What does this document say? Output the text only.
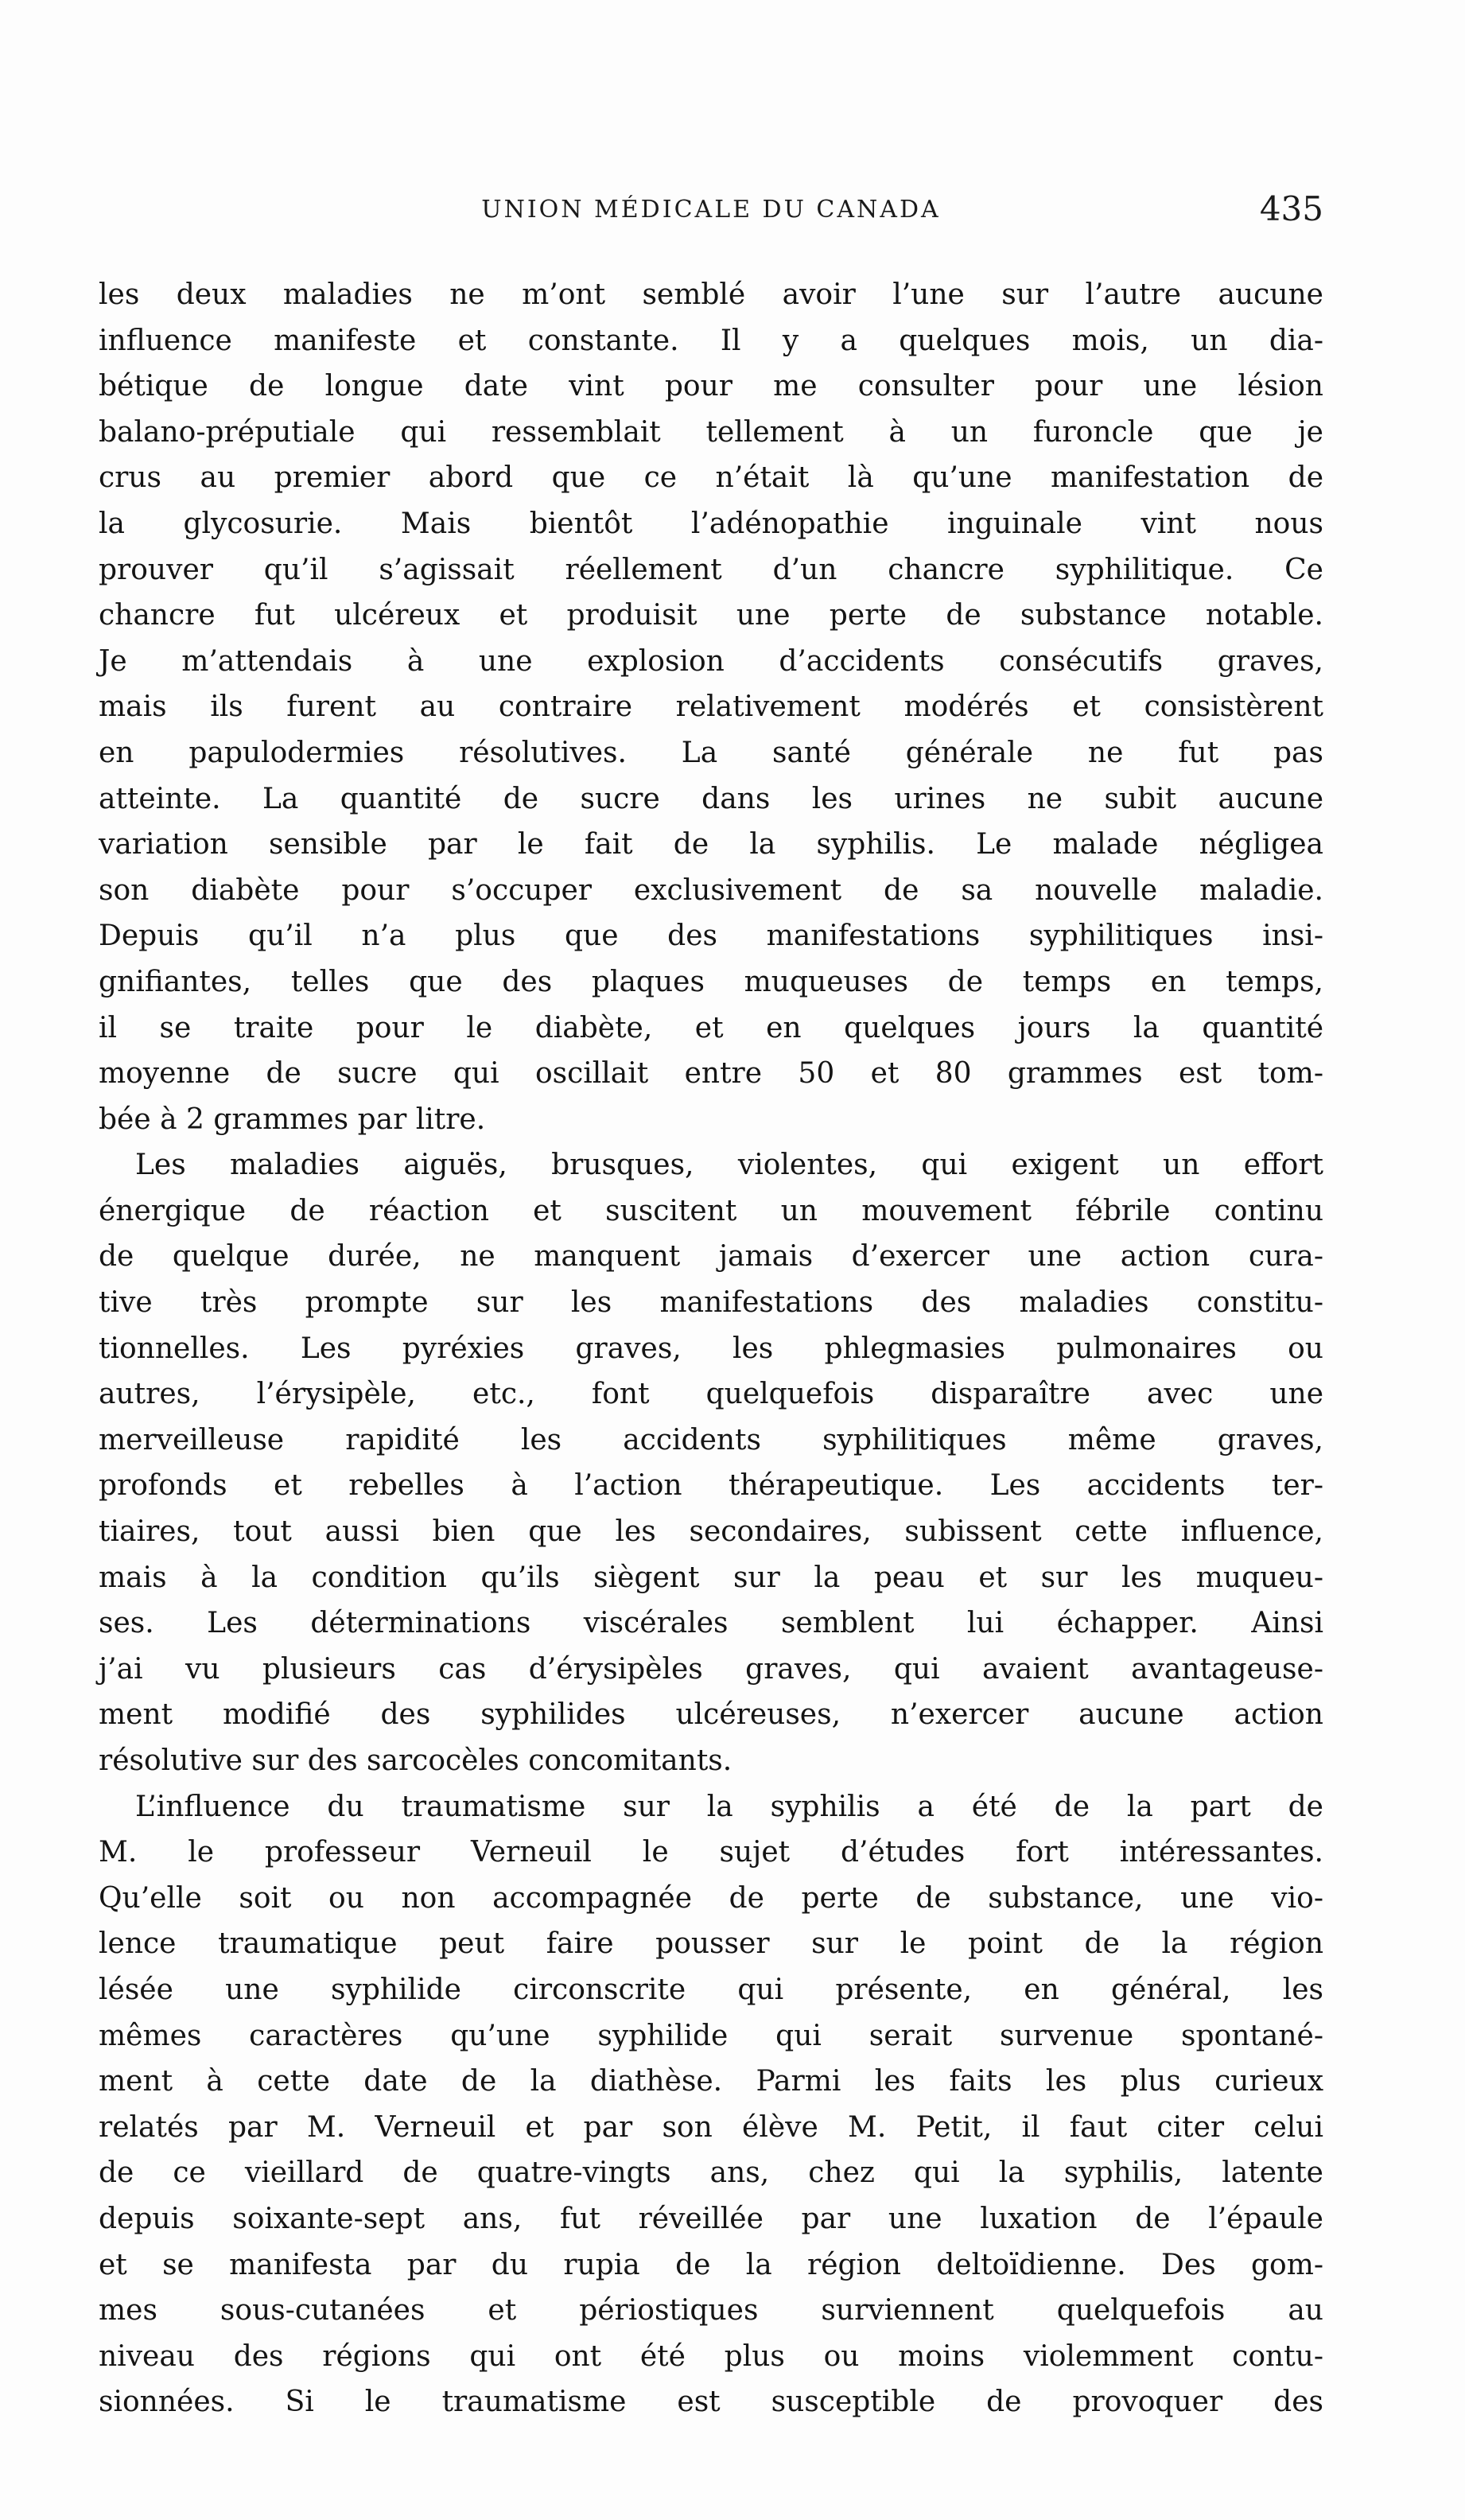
UNION MÉDICALE DU CANADA	435
les deux maladies ne m’ont semblé avoir l’une sur l’autre aucune
influence manifeste et constante. Il y a quelques mois, un dia-
bétique de longue date vint pour me consulter pour une lésion
balano-préputiale qui ressemblait tellement à un furoncle que je
crus au premier abord que ce n’était là qu’une manifestation de
la glycosurie. Mais bientôt l’adénopathie inguinale vint nous
prouver qu’il s’agissait réellement d’un chancre syphilitique. Ce
chancre fut ulcéreux et produisit une perte de substance notable.
Je m’attendais à une explosion d’accidents consécutifs graves,
mais ils furent au contraire relativement modérés et consistèrent
en papulodermies résolutives. La santé générale ne fut pas
atteinte. La quantité de sucre dans les urines ne subit aucune
variation sensible par le fait de la syphilis. Le malade négligea
son diabète pour s’occuper exclusivement de sa nouvelle maladie.
Depuis qu’il n’a plus que des manifestations syphilitiques insi-
gnifiantes, telles que des plaques muqueuses de temps en temps,
il se traite pour le diabète, et en quelques jours la quantité
moyenne de sucre qui oscillait entre 50 et 80 grammes est tom-
bée à 2 grammes par litre.
Les maladies aiguës, brusques, violentes, qui exigent un effort
énergique de réaction et suscitent un mouvement fébrile continu
de quelque durée, ne manquent jamais d’exercer une action cura-
tive très prompte sur les manifestations des maladies constitu-
tionnelles. Les pyréxies graves, les phlegmasies pulmonaires ou
autres, l’érysipèle, etc., font quelquefois disparaître avec une
merveilleuse rapidité les accidents syphilitiques même graves,
profonds et rebelles à l’action thérapeutique. Les accidents ter-
tiaires, tout aussi bien que les secondaires, subissent cette influence,
mais à la condition qu’ils siègent sur la peau et sur les muqueu-
ses. Les déterminations viscérales semblent lui échapper. Ainsi
j’ai vu plusieurs cas d’érysipèles graves, qui avaient avantageuse-
ment modifié des syphilides ulcéreuses, n’exercer aucune action
résolutive sur des sarcocèles concomitants.
L’influence du traumatisme sur la syphilis a été de la part de
M. le professeur Verneuil le sujet d’études fort intéressantes.
Qu’elle soit ou non accompagnée de perte de substance, une vio-
lence traumatique peut faire pousser sur le point de la région
lésée une syphilide circonscrite qui présente, en général, les
mêmes caractères qu’une syphilide qui serait survenue spontané-
ment à cette date de la diathèse. Parmi les faits les plus curieux
relatés par M. Verneuil et par son élève M. Petit, il faut citer celui
de ce vieillard de quatre-vingts ans, chez qui la syphilis, latente
depuis soixante-sept ans, fut réveillée par une luxation de l’épaule
et se manifesta par du rupia de la région deltoïdienne. Des gom-
mes sous-cutanées et périostiques surviennent quelquefois au
niveau des régions qui ont été plus ou moins violemment contu-
sionnées. Si le traumatisme est susceptible de provoquer des
